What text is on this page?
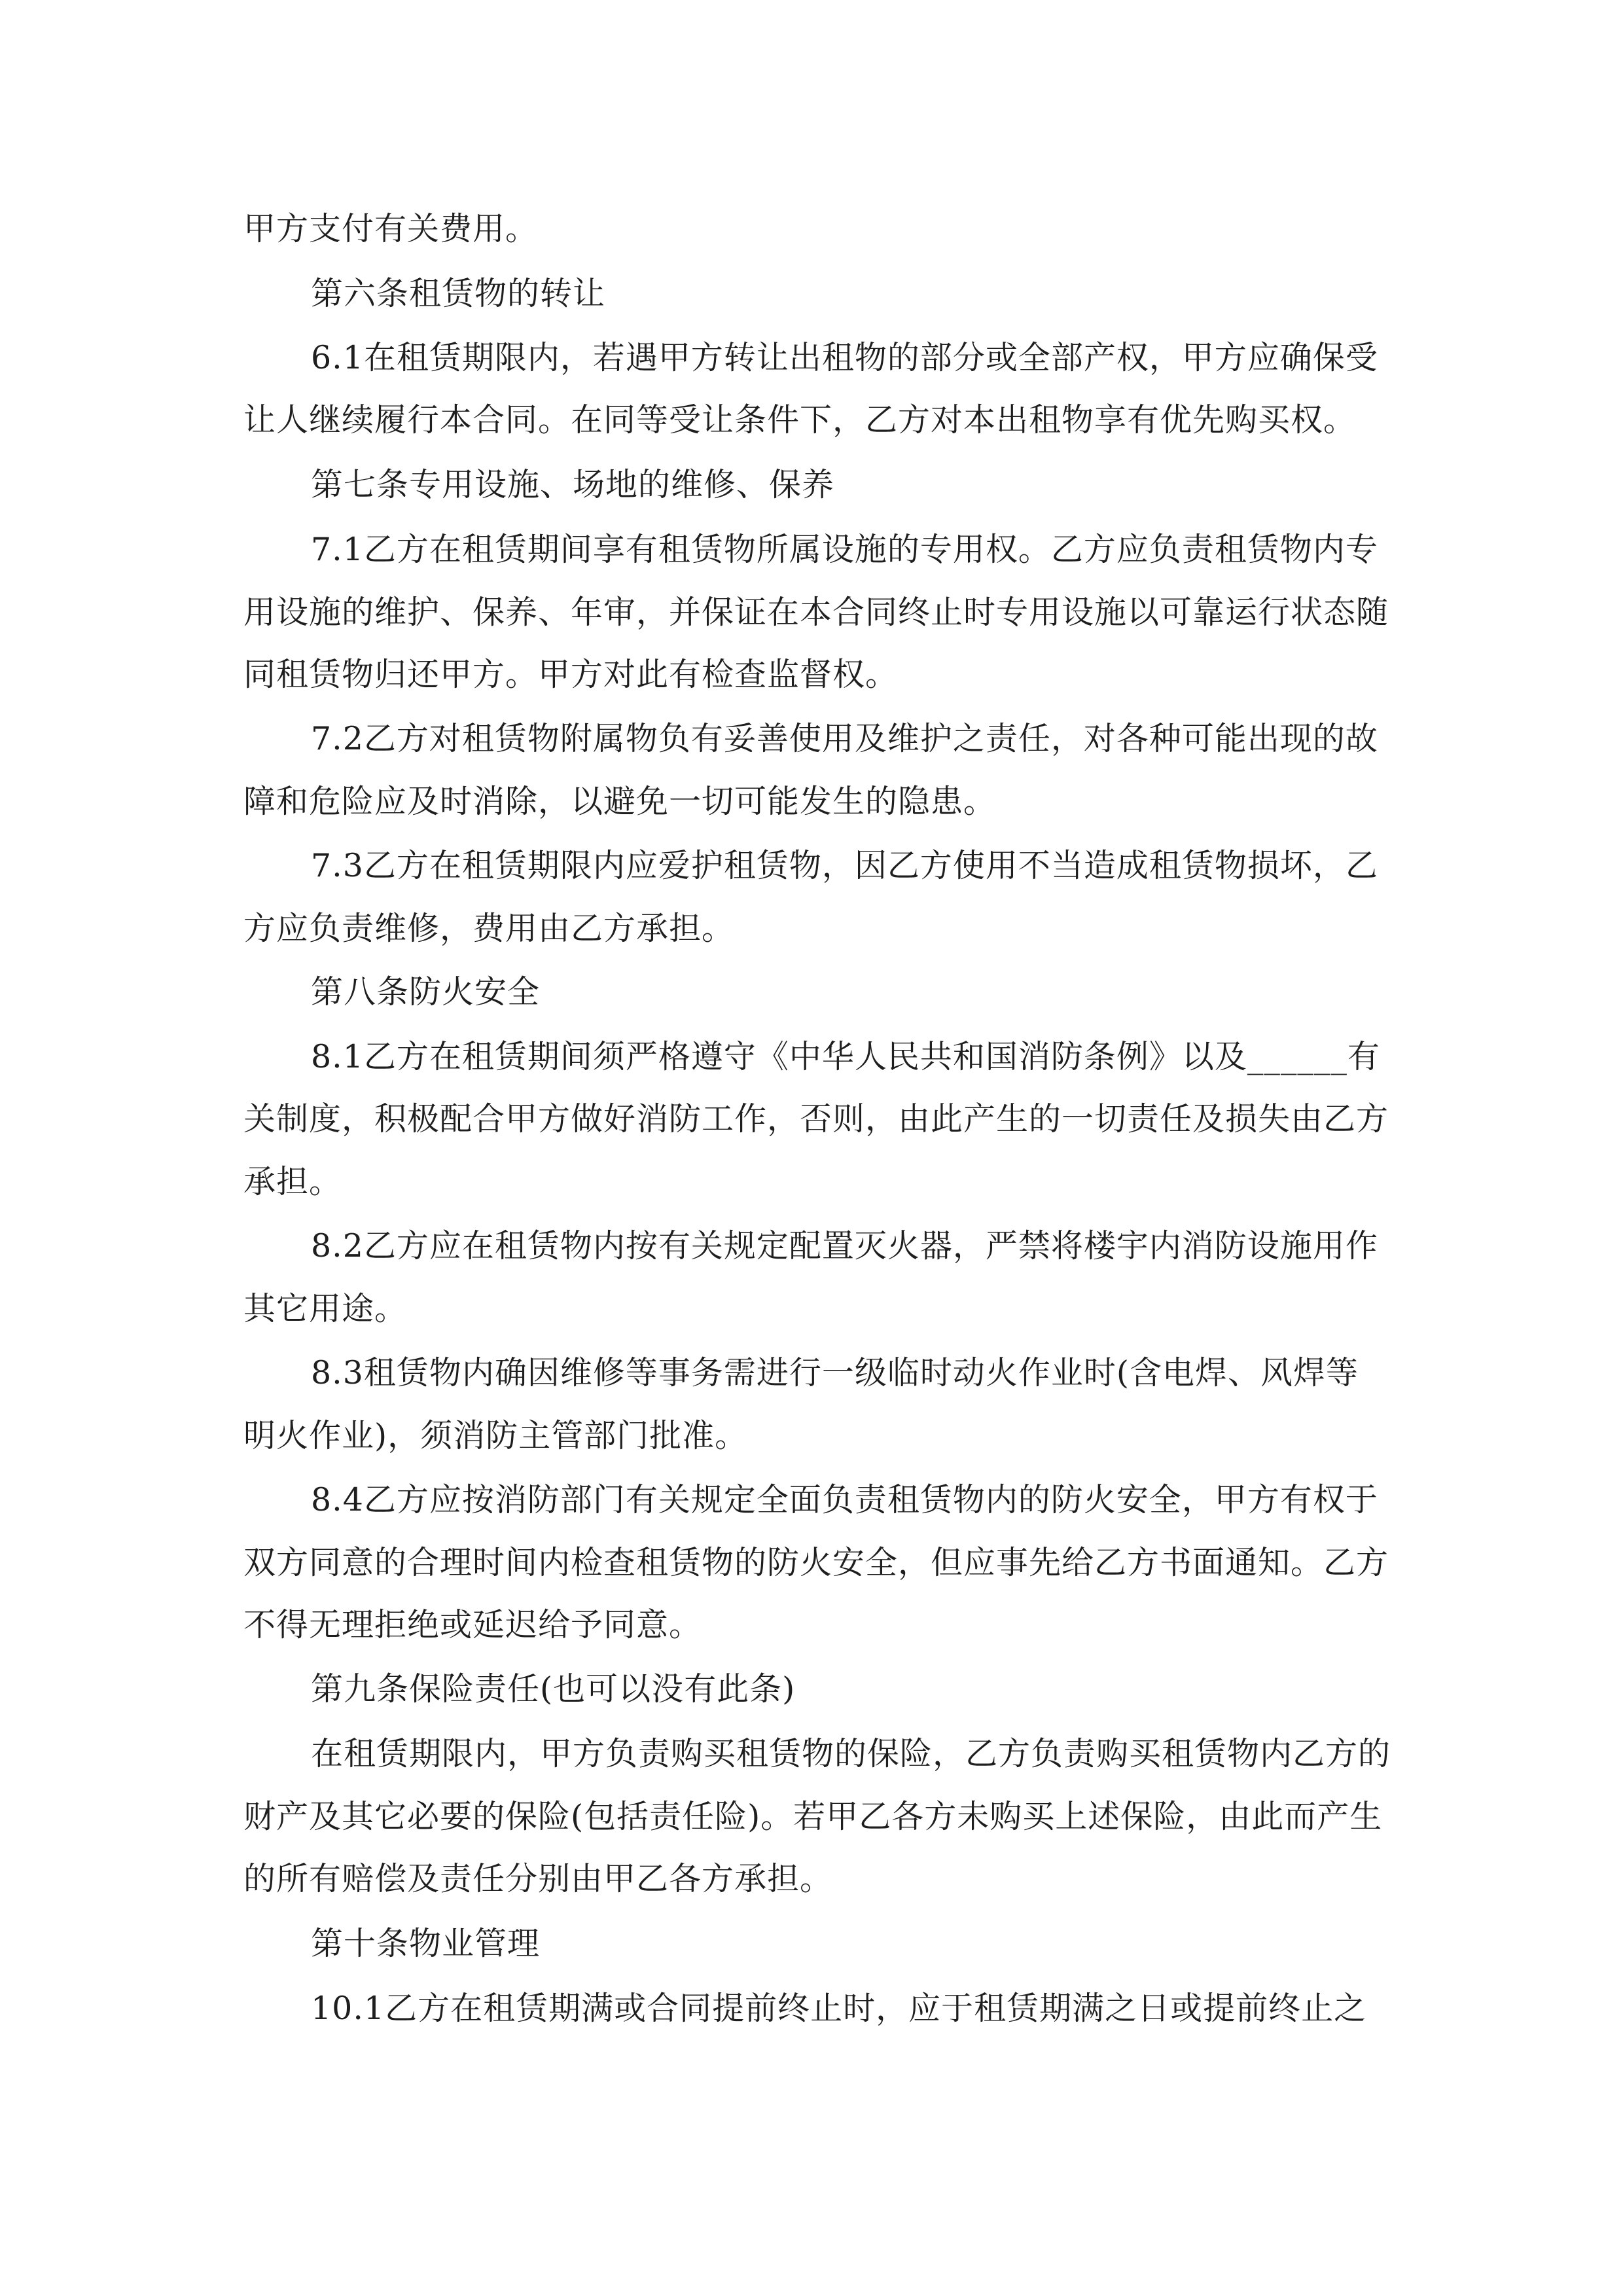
甲方支付有关费用。

第六条租赁物的转让

6.1在租赁期限内，若遇甲方转让出租物的部分或全部产权，甲方应确保受

让人继续履行本合同。在同等受让条件下，乙方对本出租物享有优先购买权。

第七条专用设施、场地的维修、保养

7.1乙方在租赁期间享有租赁物所属设施的专用权。乙方应负责租赁物内专

用设施的维护、保养、年审，并保证在本合同终止时专用设施以可靠运行状态随

同租赁物归还甲方。甲方对此有检查监督权。

7.2乙方对租赁物附属物负有妥善使用及维护之责任，对各种可能出现的故

障和危险应及时消除，以避免一切可能发生的隐患。

7.3乙方在租赁期限内应爱护租赁物，因乙方使用不当造成租赁物损坏，乙

方应负责维修，费用由乙方承担。

第八条防火安全

8.1乙方在租赁期间须严格遵守《中华人民共和国消防条例》以及______有

关制度，积极配合甲方做好消防工作，否则，由此产生的一切责任及损失由乙方

承担。

8.2乙方应在租赁物内按有关规定配置灭火器，严禁将楼宇内消防设施用作

其它用途。

8.3租赁物内确因维修等事务需进行一级临时动火作业时(含电焊、风焊等

明火作业)，须消防主管部门批准。

8.4乙方应按消防部门有关规定全面负责租赁物内的防火安全，甲方有权于

双方同意的合理时间内检查租赁物的防火安全，但应事先给乙方书面通知。乙方

不得无理拒绝或延迟给予同意。

第九条保险责任(也可以没有此条)

在租赁期限内，甲方负责购买租赁物的保险，乙方负责购买租赁物内乙方的

财产及其它必要的保险(包括责任险)。若甲乙各方未购买上述保险，由此而产生

的所有赔偿及责任分别由甲乙各方承担。

第十条物业管理

10.1乙方在租赁期满或合同提前终止时，应于租赁期满之日或提前终止之
